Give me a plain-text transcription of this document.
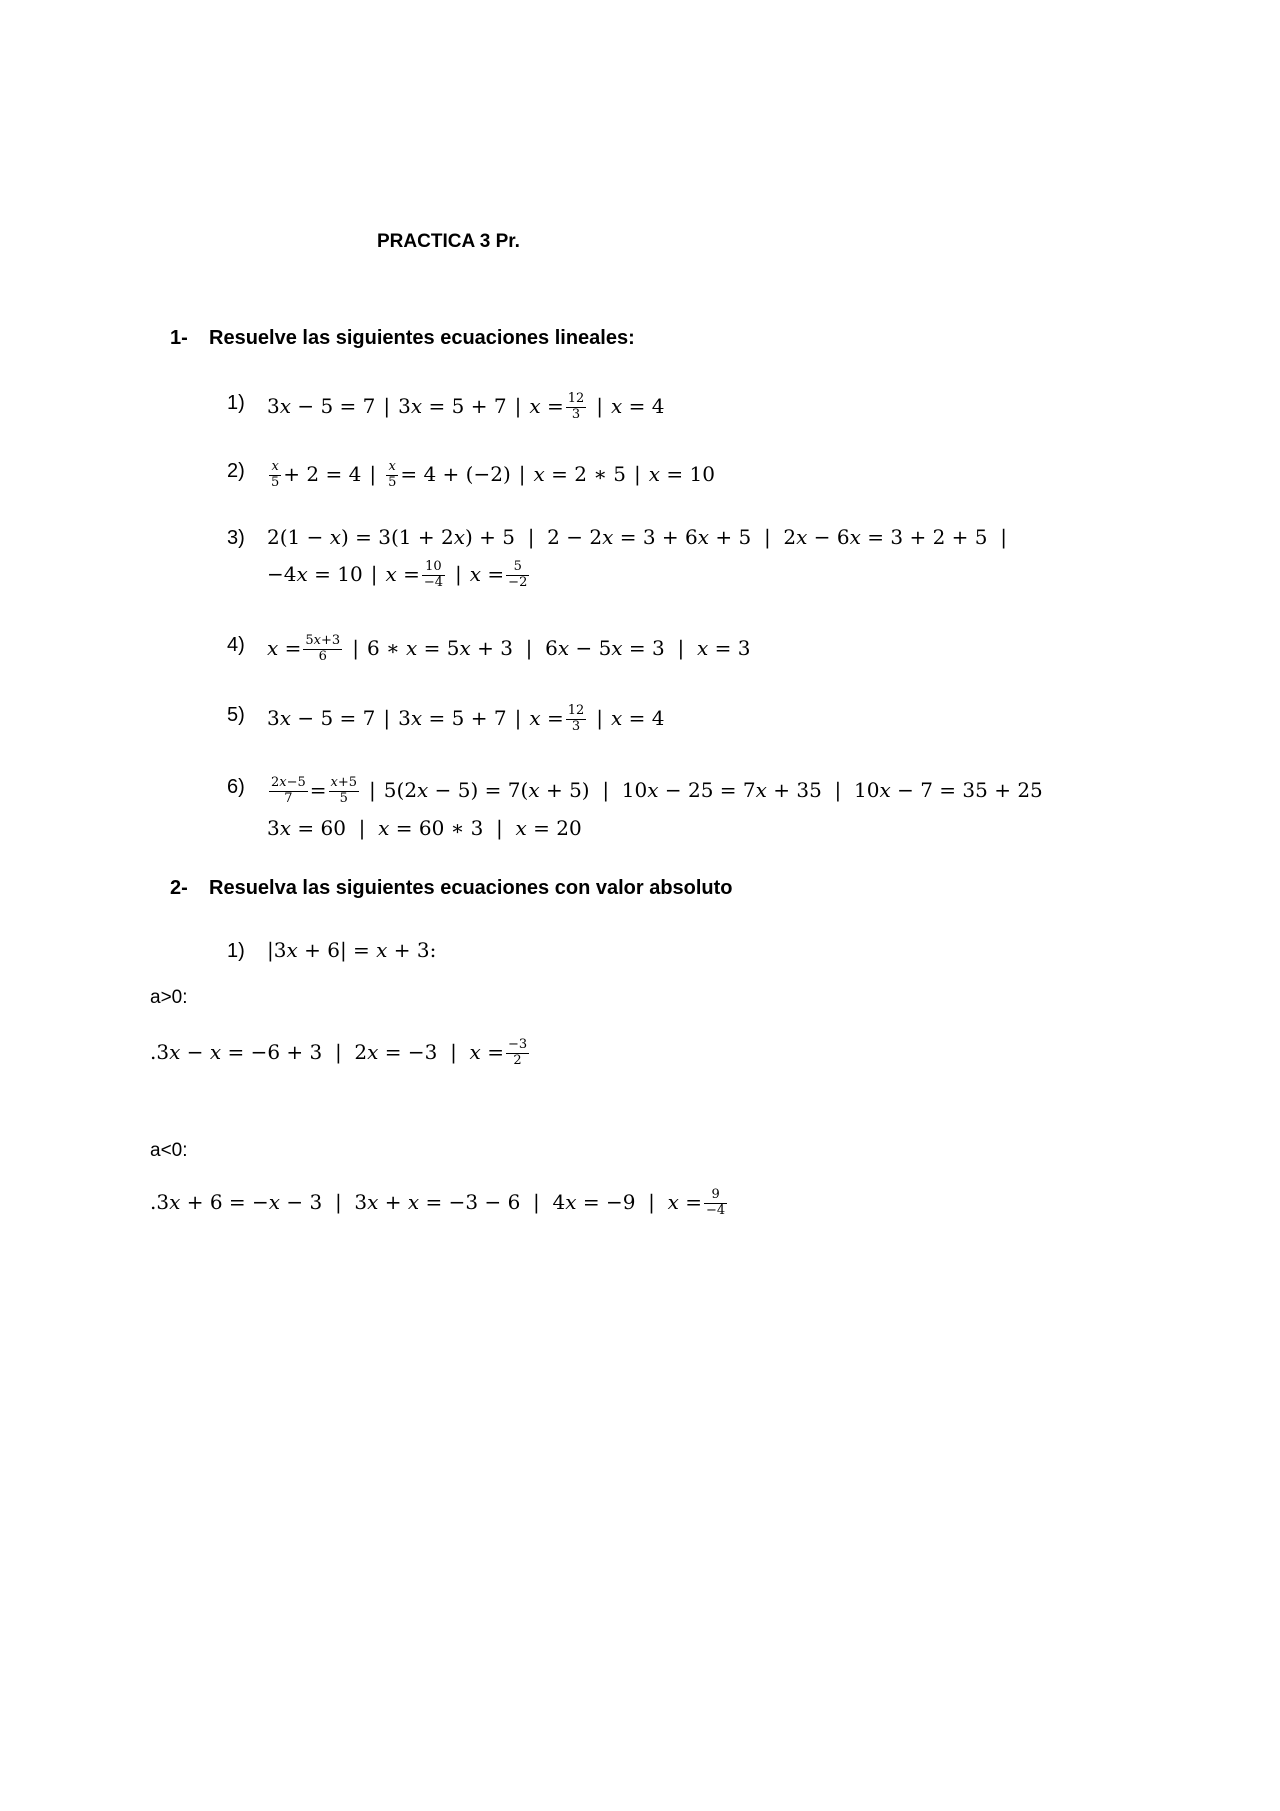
PRACTICA 3 Pr.
1- Resuelve las siguientes ecuaciones lineales:
1) 3𝑥 − 5 = 7 | 3𝑥 = 5 + 7 | 𝑥 = $\frac{12}{3}$ | 𝑥 = 4
$2) \frac{\text{𝑥}}{5} + 2 = 4$ | $\frac{\text{𝑥}}{5} = 4 + (-2)$ | 𝑥 = 2 ∗ 5 | 𝑥 = 10
3) 2(1 − 𝑥) = 3(1 + 2𝑥) + 5  |  2 − 2𝑥 = 3 + 6𝑥 + 5  |  2𝑥 − 6𝑥 = 3 + 2 + 5  |
−4𝑥 = 10 | 𝑥 = $\frac{10}{-4}$ | 𝑥 = $\frac{5}{-2}$
4) 𝑥 = $\frac{\text{5𝑥+3}}{6}$ | 6 ∗ 𝑥 = 5𝑥 + 3  |  6𝑥 − 5𝑥 = 3  |  𝑥 = 3
5) 3𝑥 − 5 = 7 | 3𝑥 = 5 + 7 | 𝑥 = $\frac{12}{3}$ | 𝑥 = 4
$6) \frac{\text{2𝑥−5}}{7} = \frac{\text{𝑥+5}}{5}$ | 5(2𝑥 − 5) = 7(𝑥 + 5)  |  10𝑥 − 25 = 7𝑥 + 35  |  10𝑥 − 7 = 35 + 25
3𝑥 = 60  |  𝑥 = 60 ∗ 3  |  𝑥 = 20
2- Resuelva las siguientes ecuaciones con valor absoluto
1) |3𝑥 + 6| = 𝑥 + 3:
a>0:
.3𝑥 − 𝑥 = −6 + 3  |  2𝑥 = −3  |  𝑥 = $\frac{-3}{2}$
a<0:
.3𝑥 + 6 = −𝑥 − 3  |  3𝑥 + 𝑥 = −3 − 6  |  4𝑥 = −9  |  𝑥 = $\frac{9}{-4}$
